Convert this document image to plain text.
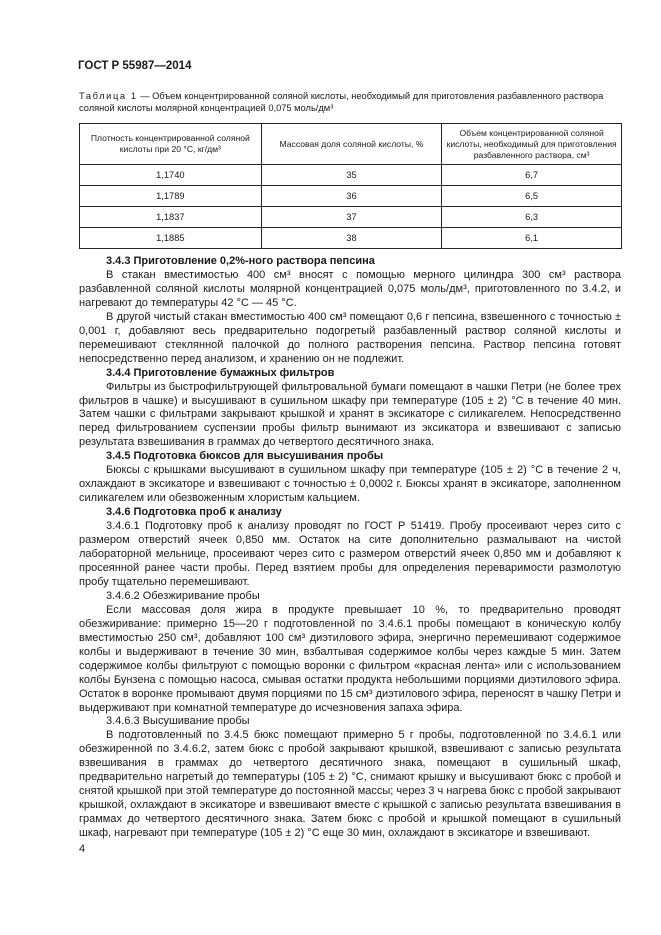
ГОСТ Р 55987—2014
Таблица 1 — Объем концентрированной соляной кислоты, необходимый для приготовления разбавленного раствора соляной кислоты молярной концентрацией 0,075 моль/дм³
Плотность концентрированной соляной кислоты при 20 °С, кг/дм³	Массовая доля соляной кислоты, %	Объем концентрированной соляной кислоты, необходимый для приготовления разбавленного раствора, см³
1,1740	35	6,7
1,1789	36	6,5
1,1837	37	6,3
1,1885	38	6,1

3.4.3 Приготовление 0,2%-ного раствора пепсина

В стакан вместимостью 400 см³ вносят с помощью мерного цилиндра 300 см³ раствора разбавленной соляной кислоты молярной концентрацией 0,075 моль/дм³, приготовленного по 3.4.2, и нагревают до температуры 42 °С — 45 °С.

В другой чистый стакан вместимостью 400 см³ помещают 0,6 г пепсина, взвешенного с точностью ± 0,001 г, добавляют весь предварительно подогретый разбавленный раствор соляной кислоты и перемешивают стеклянной палочкой до полного растворения пепсина. Раствор пепсина готовят непосредственно перед анализом, и хранению он не подлежит.

3.4.4 Приготовление бумажных фильтров

Фильтры из быстрофильтрующей фильтровальной бумаги помещают в чашки Петри (не более трех фильтров в чашке) и высушивают в сушильном шкафу при температуре (105 ± 2) °С в течение 40 мин. Затем чашки с фильтрами закрывают крышкой и хранят в эксикаторе с силикагелем. Непосредственно перед фильтрованием суспензии пробы фильтр вынимают из эксикатора и взвешивают с записью результата взвешивания в граммах до четвертого десятичного знака.

3.4.5 Подготовка бюксов для высушивания пробы

Бюксы с крышками высушивают в сушильном шкафу при температуре (105 ± 2) °С в течение 2 ч, охлаждают в эксикаторе и взвешивают с точностью ± 0,0002 г. Бюксы хранят в эксикаторе, заполненном силикагелем или обезвоженным хлористым кальцием.

3.4.6 Подготовка проб к анализу

3.4.6.1 Подготовку проб к анализу проводят по ГОСТ Р 51419. Пробу просеивают через сито с размером отверстий ячеек 0,850 мм. Остаток на сите дополнительно размалывают на чистой лабораторной мельнице, просеивают через сито с размером отверстий ячеек 0,850 мм и добавляют к просеянной ранее части пробы. Перед взятием пробы для определения переваримости размолотую пробу тщательно перемешивают.

3.4.6.2 Обезжиривание пробы

Если массовая доля жира в продукте превышает 10 %, то предварительно проводят обезжиривание: примерно 15—20 г подготовленной по 3.4.6.1 пробы помещают в коническую колбу вместимостью 250 см³, добавляют 100 см³ диэтилового эфира, энергично перемешивают содержимое колбы и выдерживают в течение 30 мин, взбалтывая содержимое колбы через каждые 5 мин. Затем содержимое колбы фильтруют с помощью воронки с фильтром «красная лента» или с использованием колбы Бунзена с помощью насоса, смывая остатки продукта небольшими порциями диэтилового эфира. Остаток в воронке промывают двумя порциями по 15 см³ диэтилового эфира, переносят в чашку Петри и выдерживают при комнатной температуре до исчезновения запаха эфира.

3.4.6.3 Высушивание пробы

В подготовленный по 3.4.5 бюкс помещают примерно 5 г пробы, подготовленной по 3.4.6.1 или обезжиренной по 3.4.6.2, затем бюкс с пробой закрывают крышкой, взвешивают с записью результата взвешивания в граммах до четвертого десятичного знака, помещают в сушильный шкаф, предварительно нагретый до температуры (105 ± 2) °С, снимают крышку и высушивают бюкс с пробой и снятой крышкой при этой температуре до постоянной массы; через 3 ч нагрева бюкс с пробой закрывают крышкой, охлаждают в эксикаторе и взвешивают вместе с крышкой с записью результата взвешивания в граммах до четвертого десятичного знака. Затем бюкс с пробой и крышкой помещают в сушильный шкаф, нагревают при температуре (105 ± 2) °С еще 30 мин, охлаждают в эксикаторе и взвешивают.

4
